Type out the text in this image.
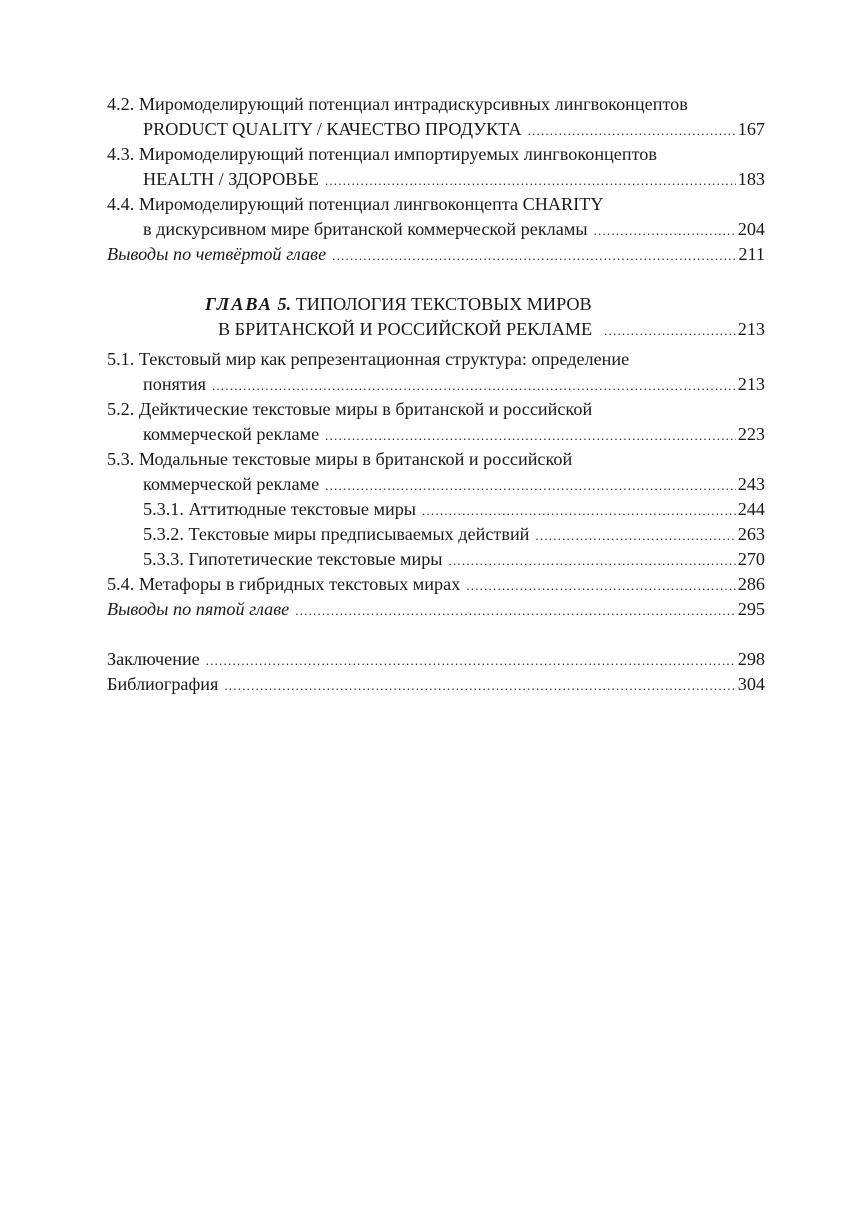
4.2.
Миромоделирующий потенциал интрадискурсивных лингвоконцептов
PRODUCT QUALITY / КАЧЕСТВО ПРОДУКТА .....	167
4.3.
Миромоделирующий потенциал импортируемых лингвоконцептов
HEALTH / ЗДОРОВЬЕ .....	183
4.4.
Миромоделирующий потенциал лингвоконцепта CHARITY
в дискурсивном мире британской коммерческой рекламы .....	204
Выводы по четвёртой главе .....	211
ГЛАВА 5. ТИПОЛОГИЯ ТЕКСТОВЫХ МИРОВ
В БРИТАНСКОЙ И РОССИЙСКОЙ РЕКЛАМЕ .....	213
5.1.
Текстовый мир как репрезентационная структура: определение
понятия .....	213
5.2.
Дейктические текстовые миры в британской и российской
коммерческой рекламе .....	223
5.3.
Модальные текстовые миры в британской и российской
коммерческой рекламе .....	243
5.3.1.
Аттитюдные текстовые миры .....	244
5.3.2.
Текстовые миры предписываемых действий .....	263
5.3.3.
Гипотетические текстовые миры .....	270
5.4.
Метафоры в гибридных текстовых мирах .....	286
Выводы по пятой главе .....	295
Заключение .....	298
Библиография .....	304
